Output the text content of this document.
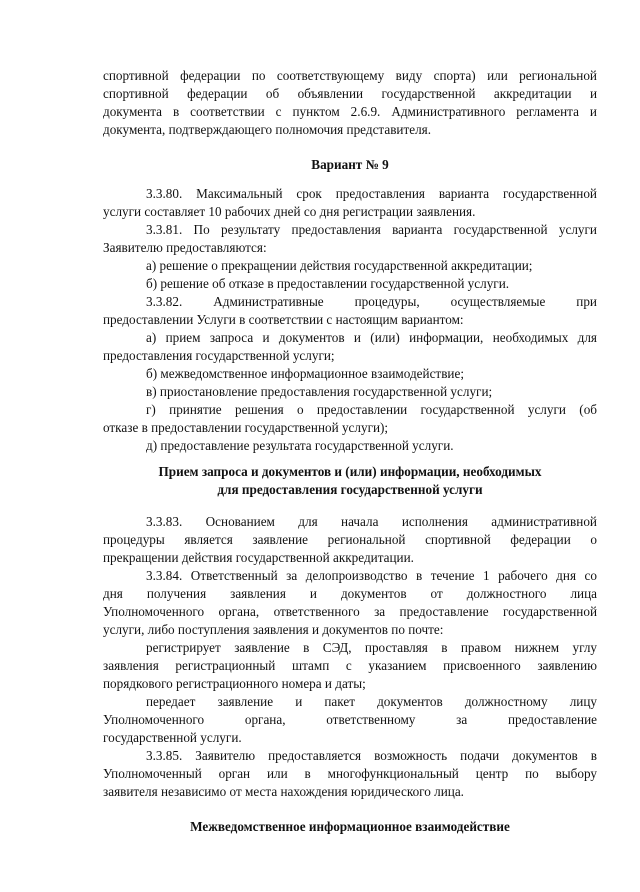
спортивной федерации по соответствующему виду спорта) или региональной
спортивной федерации об объявлении государственной аккредитации и
документа в соответствии с пунктом 2.6.9. Административного регламента и
документа, подтверждающего полномочия представителя.
Вариант № 9
3.3.80. Максимальный срок предоставления варианта государственной
услуги составляет 10 рабочих дней со дня регистрации заявления.
3.3.81. По результату предоставления варианта государственной услуги
Заявителю предоставляются:
а) решение о прекращении действия государственной аккредитации;
б) решение об отказе в предоставлении государственной услуги.
3.3.82. Административные процедуры, осуществляемые при
предоставлении Услуги в соответствии с настоящим вариантом:
а) прием запроса и документов и (или) информации, необходимых для
предоставления государственной услуги;
б) межведомственное информационное взаимодействие;
в) приостановление предоставления государственной услуги;
г) принятие решения о предоставлении государственной услуги (об
отказе в предоставлении государственной услуги);
д) предоставление результата государственной услуги.
Прием запроса и документов и (или) информации, необходимых
для предоставления государственной услуги
3.3.83. Основанием для начала исполнения административной
процедуры является заявление региональной спортивной федерации о
прекращении действия государственной аккредитации.
3.3.84. Ответственный за делопроизводство в течение 1 рабочего дня со
дня получения заявления и документов от должностного лица
Уполномоченного органа, ответственного за предоставление государственной
услуги, либо поступления заявления и документов по почте:
регистрирует заявление в СЭД, проставляя в правом нижнем углу
заявления регистрационный штамп с указанием присвоенного заявлению
порядкового регистрационного номера и даты;
передает заявление и пакет документов должностному лицу
Уполномоченного органа, ответственному за предоставление
государственной услуги.
3.3.85. Заявителю предоставляется возможность подачи документов в
Уполномоченный орган или в многофункциональный центр по выбору
заявителя независимо от места нахождения юридического лица.
Межведомственное информационное взаимодействие
